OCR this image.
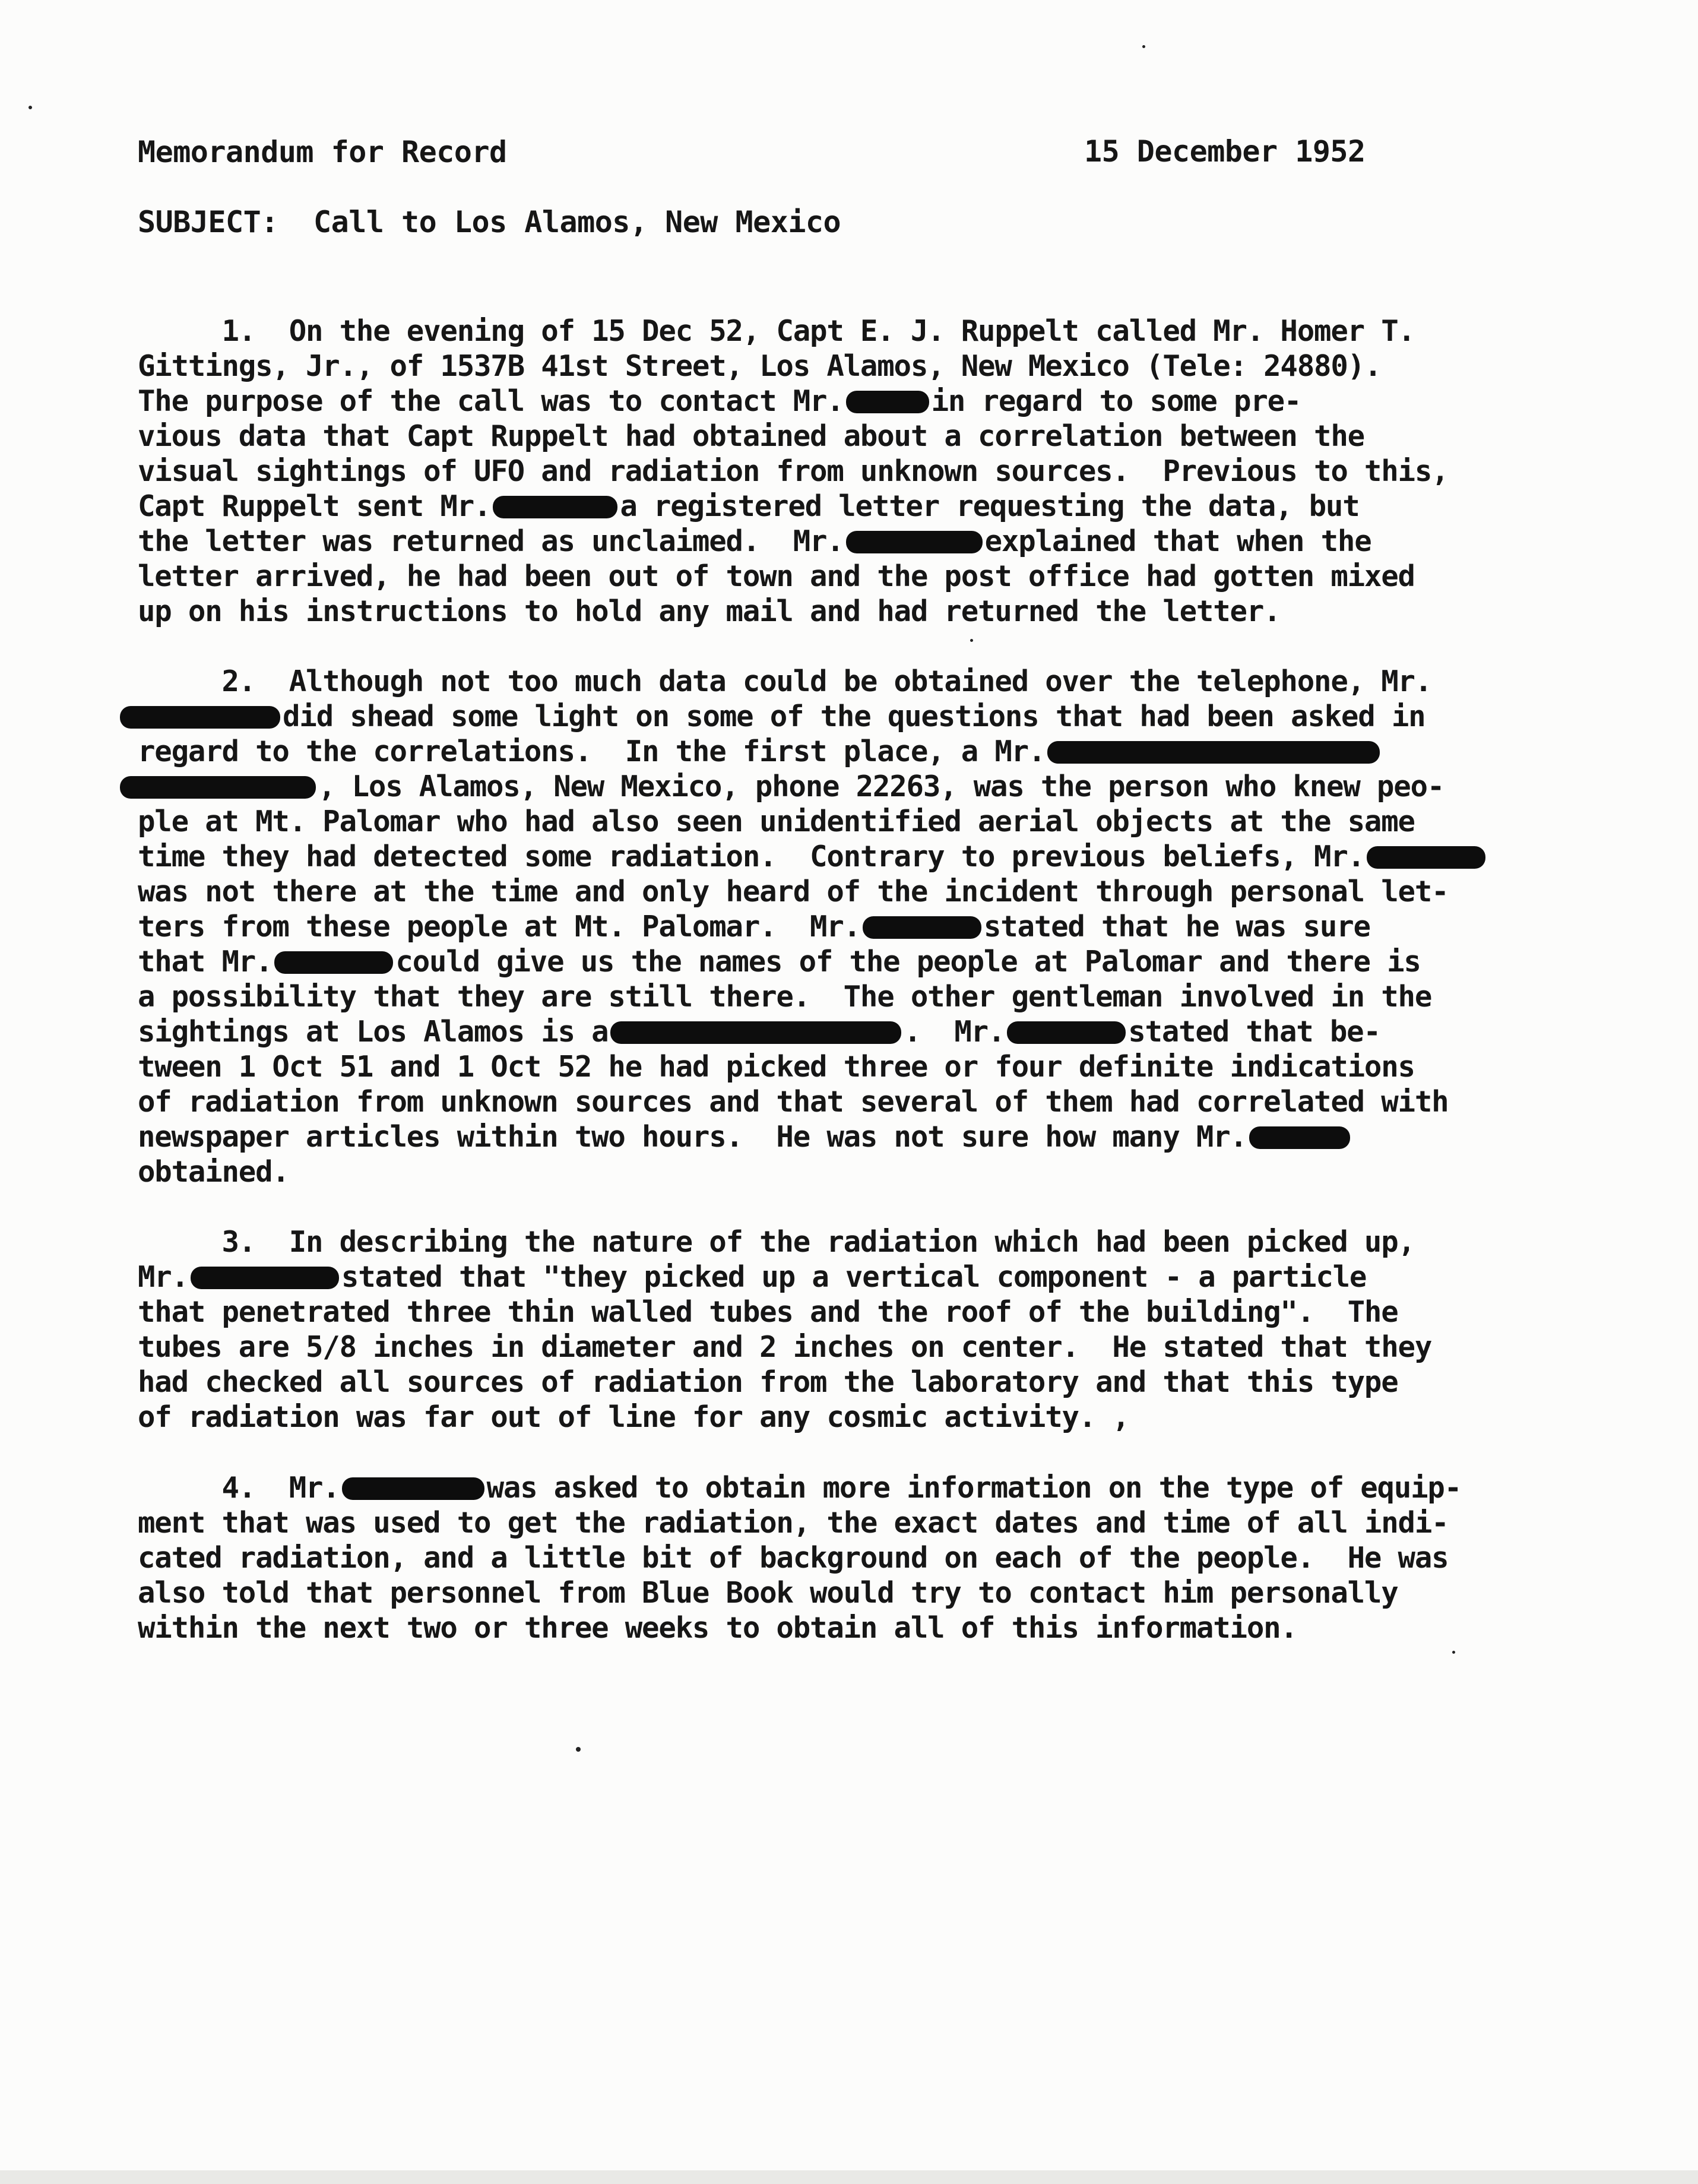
Memorandum for Record	15 December 1952
SUBJECT: Call to Los Alamos, New Mexico
1.  On the evening of 15 Dec 52, Capt E. J. Ruppelt called Mr. Homer T.
Gittings, Jr., of 1537B 41st Street, Los Alamos, New Mexico (Tele: 24880).
The purpose of the call was to contact Mr.	in regard to some pre-
vious data that Capt Ruppelt had obtained about a correlation between the
visual sightings of UFO and radiation from unknown sources.  Previous to this,
Capt Ruppelt sent Mr.	a registered letter requesting the data, but
the letter was returned as unclaimed.  Mr.	explained that when the
letter arrived, he had been out of town and the post office had gotten mixed
up on his instructions to hold any mail and had returned the letter.
2.  Although not too much data could be obtained over the telephone, Mr.
did shead some light on some of the questions that had been asked in
regard to the correlations.  In the first place, a Mr.
, Los Alamos, New Mexico, phone 22263, was the person who knew peo-
ple at Mt. Palomar who had also seen unidentified aerial objects at the same
time they had detected some radiation.  Contrary to previous beliefs, Mr.
was not there at the time and only heard of the incident through personal let-
ters from these people at Mt. Palomar.  Mr.	stated that he was sure
that Mr.	could give us the names of the people at Palomar and there is
a possibility that they are still there.  The other gentleman involved in the
sightings at Los Alamos is a	.  Mr.	stated that be-
tween 1 Oct 51 and 1 Oct 52 he had picked three or four definite indications
of radiation from unknown sources and that several of them had correlated with
newspaper articles within two hours.  He was not sure how many Mr.
obtained.
3.  In describing the nature of the radiation which had been picked up,
Mr.	stated that "they picked up a vertical component - a particle
that penetrated three thin walled tubes and the roof of the building".  The
tubes are 5/8 inches in diameter and 2 inches on center.  He stated that they
had checked all sources of radiation from the laboratory and that this type
of radiation was far out of line for any cosmic activity. ,
4.  Mr.	was asked to obtain more information on the type of equip-
ment that was used to get the radiation, the exact dates and time of all indi-
cated radiation, and a little bit of background on each of the people.  He was
also told that personnel from Blue Book would try to contact him personally
within the next two or three weeks to obtain all of this information.
